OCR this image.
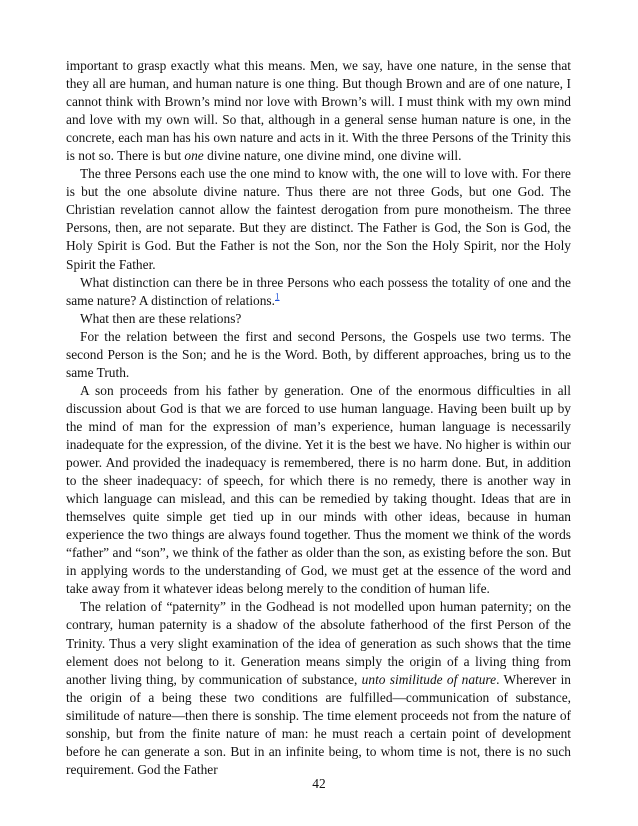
important to grasp exactly what this means. Men, we say, have one nature, in the sense that they all are human, and human nature is one thing. But though Brown and are of one nature, I cannot think with Brown’s mind nor love with Brown’s will. I must think with my own mind and love with my own will. So that, although in a general sense human nature is one, in the concrete, each man has his own nature and acts in it. With the three Persons of the Trinity this is not so. There is but one divine nature, one divine mind, one divine will.

The three Persons each use the one mind to know with, the one will to love with. For there is but the one absolute divine nature. Thus there are not three Gods, but one God. The Christian revelation cannot allow the faintest derogation from pure monotheism. The three Persons, then, are not separate. But they are distinct. The Father is God, the Son is God, the Holy Spirit is God. But the Father is not the Son, nor the Son the Holy Spirit, nor the Holy Spirit the Father.

What distinction can there be in three Persons who each possess the totality of one and the same nature? A distinction of relations.$^1$

What then are these relations?

For the relation between the first and second Persons, the Gospels use two terms. The second Person is the Son; and he is the Word. Both, by different approaches, bring us to the same Truth.

A son proceeds from his father by generation. One of the enormous difficulties in all discussion about God is that we are forced to use human language. Having been built up by the mind of man for the expression of man’s experience, human language is necessarily inadequate for the expression, of the divine. Yet it is the best we have. No higher is within our power. And provided the inadequacy is remembered, there is no harm done. But, in addition to the sheer inadequacy: of speech, for which there is no remedy, there is another way in which language can mislead, and this can be remedied by taking thought. Ideas that are in themselves quite simple get tied up in our minds with other ideas, because in human experience the two things are always found together. Thus the moment we think of the words “father” and “son”, we think of the father as older than the son, as existing before the son. But in applying words to the understanding of God, we must get at the essence of the word and take away from it whatever ideas belong merely to the condition of human life.

The relation of “paternity” in the Godhead is not modelled upon human paternity; on the contrary, human paternity is a shadow of the absolute fatherhood of the first Person of the Trinity. Thus a very slight examination of the idea of generation as such shows that the time element does not belong to it. Generation means simply the origin of a living thing from another living thing, by communication of substance, unto similitude of nature. Wherever in the origin of a being these two conditions are fulfilled—communication of substance, similitude of nature—then there is sonship. The time element proceeds not from the nature of sonship, but from the finite nature of man: he must reach a certain point of development before he can generate a son. But in an infinite being, to whom time is not, there is no such requirement. God the Father

42
